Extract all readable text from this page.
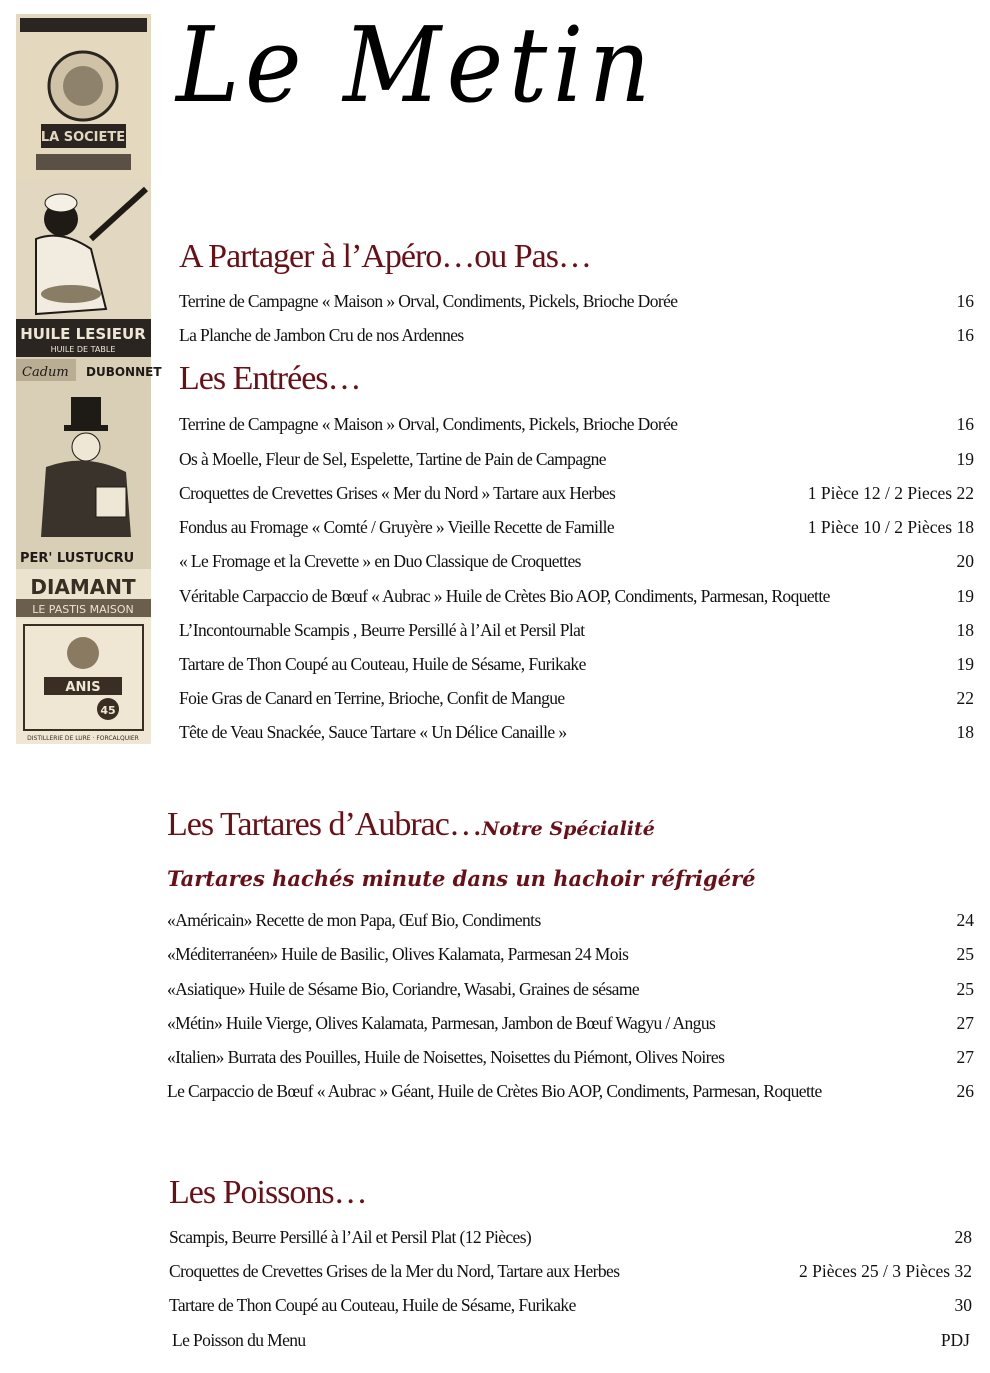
Le Metin
LA SOCIETE
HUILE LESIEUR
HUILE DE TABLE
Cadum DUBONNET
PER' LUSTUCRU
DIAMANT
LE PASTIS MAISON
ANIS
45
DISTILLERIE DE LURE · FORCALQUIER
A Partager à l’Apéro…ou Pas…
Terrine de Campagne « Maison » Orval, Condiments, Pickels, Brioche Dorée	16
La Planche de Jambon Cru de nos Ardennes	16
Les Entrées…
Terrine de Campagne « Maison » Orval, Condiments, Pickels, Brioche Dorée	16
Os à Moelle, Fleur de Sel, Espelette, Tartine de Pain de Campagne	19
Croquettes de Crevettes Grises « Mer du Nord » Tartare aux Herbes	1 Pièce 12 / 2 Pieces 22
Fondus au Fromage « Comté / Gruyère » Vieille Recette de Famille	1 Pièce 10 / 2 Pièces 18
« Le Fromage et la Crevette » en Duo Classique de Croquettes	20
Véritable Carpaccio de Bœuf « Aubrac » Huile de Crètes Bio AOP, Condiments, Parmesan, Roquette	19
L’Incontournable Scampis , Beurre Persillé à l’Ail et Persil Plat	18
Tartare de Thon Coupé au Couteau, Huile de Sésame, Furikake	19
Foie Gras de Canard en Terrine, Brioche, Confit de Mangue	22
Tête de Veau Snackée, Sauce Tartare « Un Délice Canaille »	18
Les Tartares d’Aubrac…Notre Spécialité
Tartares hachés minute dans un hachoir réfrigéré
«Américain» Recette de mon Papa, Œuf Bio, Condiments	24
«Méditerranéen» Huile de Basilic, Olives Kalamata, Parmesan 24 Mois	25
«Asiatique» Huile de Sésame Bio, Coriandre, Wasabi, Graines de sésame	25
«Métin» Huile Vierge, Olives Kalamata, Parmesan, Jambon de Bœuf Wagyu / Angus	27
«Italien» Burrata des Pouilles, Huile de Noisettes, Noisettes du Piémont, Olives Noires	27
Le Carpaccio de Bœuf « Aubrac » Géant, Huile de Crètes Bio AOP, Condiments, Parmesan, Roquette	26
Les Poissons…
Scampis, Beurre Persillé à l’Ail et Persil Plat (12 Pièces)	28
Croquettes de Crevettes Grises de la Mer du Nord, Tartare aux Herbes	2 Pièces 25 / 3 Pièces 32
Tartare de Thon Coupé au Couteau, Huile de Sésame, Furikake	30
Le Poisson du Menu	PDJ
